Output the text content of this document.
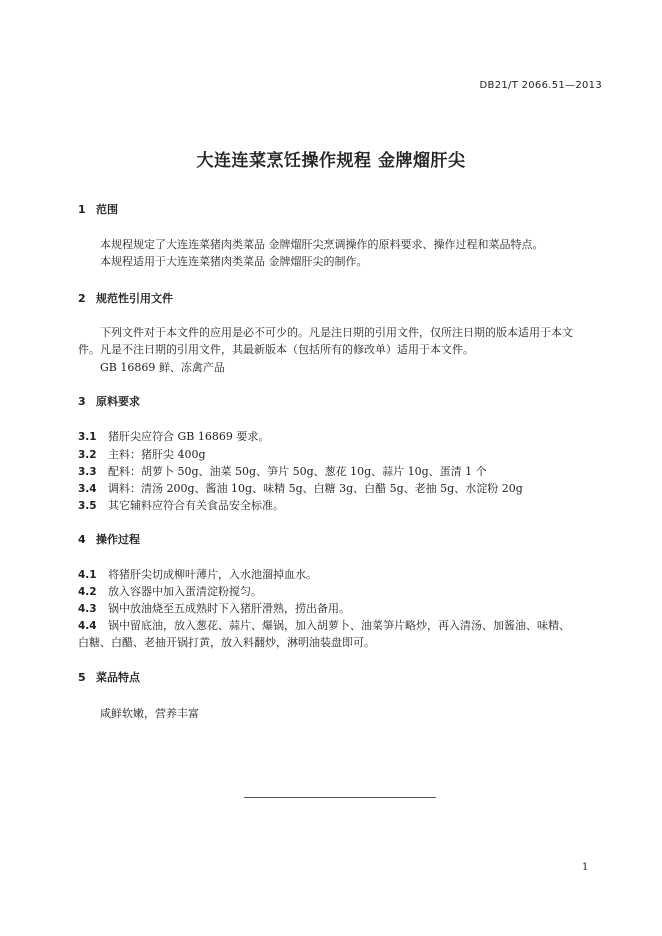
DB21/T 2066.51—2013
大连连菜烹饪操作规程 金牌熘肝尖
1 范围
本规程规定了大连连菜猪肉类菜品 金牌熘肝尖烹调操作的原料要求、操作过程和菜品特点。
本规程适用于大连连菜猪肉类菜品 金牌熘肝尖的制作。
2 规范性引用文件
下列文件对于本文件的应用是必不可少的。凡是注日期的引用文件，仅所注日期的版本适用于本文
件。凡是不注日期的引用文件，其最新版本（包括所有的修改单）适用于本文件。
GB 16869 鲜、冻禽产品
3 原料要求
3.1 猪肝尖应符合 GB 16869 要求。
3.2 主料：猪肝尖 400g
3.3 配料：胡萝卜 50g、油菜 50g、笋片 50g、葱花 10g、蒜片 10g、蛋清 1 个
3.4 调料：清汤 200g、酱油 10g、味精 5g、白糖 3g、白醋 5g、老抽 5g、水淀粉 20g
3.5 其它辅料应符合有关食品安全标准。
4 操作过程
4.1 将猪肝尖切成柳叶薄片，入水池溜掉血水。
4.2 放入容器中加入蛋清淀粉搅匀。
4.3 锅中放油烧至五成熟时下入猪肝滑熟，捞出备用。
4.4 锅中留底油，放入葱花、蒜片、爆锅，加入胡萝卜、油菜笋片略炒，再入清汤、加酱油、味精、
白糖、白醋、老抽开锅打黄，放入料翻炒，淋明油装盘即可。
5 菜品特点
咸鲜软嫩，营养丰富
1
